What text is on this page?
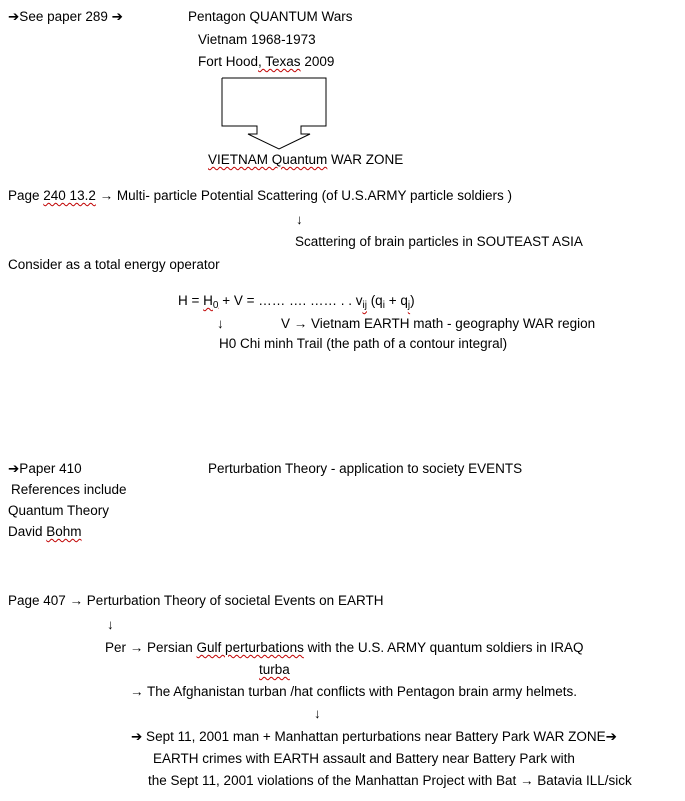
➔See paper 289 ➔	Pentagon QUANTUM Wars
Vietnam 1968-1973
Fort Hood, Texas 2009
VIETNAM Quantum WAR ZONE
Page 240 13.2 → Multi- particle Potential Scattering (of U.S.ARMY particle soldiers )
↓
Scattering of brain particles in SOUTEAST ASIA
Consider as a total energy operator
$H = H_0 + V$ = …… …. …… . . $v_{ij}$ $(q_i + q_j)$
↓	V → Vietnam EARTH math - geography WAR region
H0 Chi minh Trail (the path of a contour integral)
➔Paper 410	Perturbation Theory - application to society EVENTS
References include
Quantum Theory
David Bohm
Page 407 → Perturbation Theory of societal Events on EARTH
↓
Per → Persian Gulf perturbations with the U.S. ARMY quantum soldiers in IRAQ
turba
→ The Afghanistan turban /hat conflicts with Pentagon brain army helmets.
↓
➔ Sept 11, 2001 man + Manhattan perturbations near Battery Park WAR ZONE➔
EARTH crimes with EARTH assault and Battery near Battery Park with
the Sept 11, 2001 violations of the Manhattan Project with Bat → Batavia ILL/sick
